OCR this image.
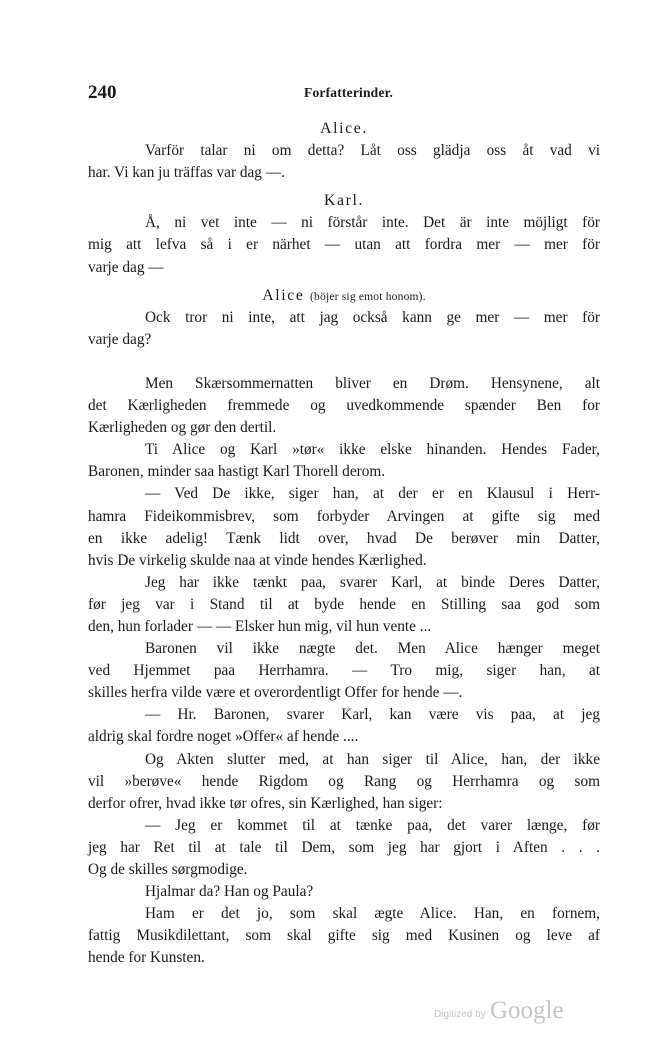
240	Forfatterinder.
Alice.
Varför talar ni om detta? Låt oss glädja oss åt vad vi
har. Vi kan ju träffas var dag —.
Karl.
Å, ni vet inte — ni förstår inte. Det är inte möjligt för
mig att lefva så i er närhet — utan att fordra mer — mer för
varje dag —
Alice (böjer sig emot honom).
Ock tror ni inte, att jag också kann ge mer — mer för
varje dag?
Men Skærsommernatten bliver en Drøm. Hensynene, alt
det Kærligheden fremmede og uvedkommende spænder Ben for
Kærligheden og gør den dertil.
Ti Alice og Karl »tør« ikke elske hinanden. Hendes Fader,
Baronen, minder saa hastigt Karl Thorell derom.
— Ved De ikke, siger han, at der er en Klausul i Herr-
hamra Fideikommisbrev, som forbyder Arvingen at gifte sig med
en ikke adelig! Tænk lidt over, hvad De berøver min Datter,
hvis De virkelig skulde naa at vinde hendes Kærlighed.
Jeg har ikke tænkt paa, svarer Karl, at binde Deres Datter,
før jeg var i Stand til at byde hende en Stilling saa god som
den, hun forlader — — Elsker hun mig, vil hun vente ...
Baronen vil ikke nægte det. Men Alice hænger meget
ved Hjemmet paa Herrhamra. — Tro mig, siger han, at
skilles herfra vilde være et overordentligt Offer for hende —.
— Hr. Baronen, svarer Karl, kan være vis paa, at jeg
aldrig skal fordre noget »Offer« af hende ....
Og Akten slutter med, at han siger til Alice, han, der ikke
vil »berøve« hende Rigdom og Rang og Herrhamra og som
derfor ofrer, hvad ikke tør ofres, sin Kærlighed, han siger:
— Jeg er kommet til at tænke paa, det varer længe, før
jeg har Ret til at tale til Dem, som jeg har gjort i Aften . . .
Og de skilles sørgmodige.
Hjalmar da? Han og Paula?
Ham er det jo, som skal ægte Alice. Han, en fornem,
fattig Musikdilettant, som skal gifte sig med Kusinen og leve af
hende for Kunsten.
Digitized by Google
